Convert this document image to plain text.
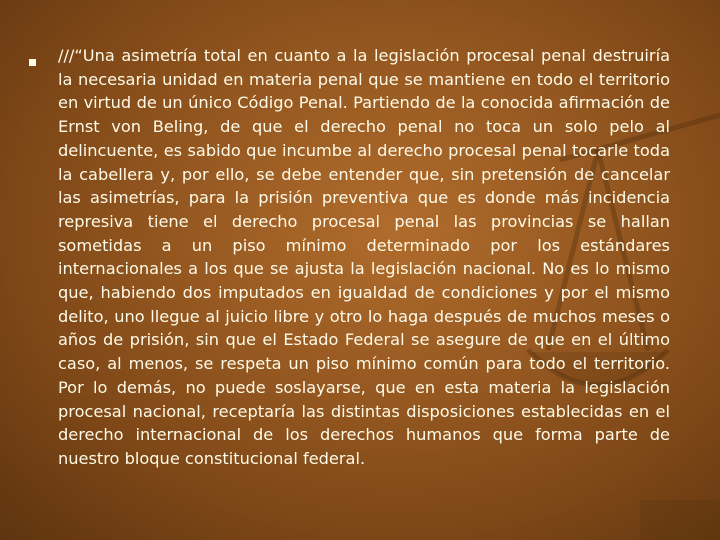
///“Una asimetría total en cuanto a la legislación procesal penal destruiría la necesaria unidad en materia penal que se mantiene en todo el territorio en virtud de un único Código Penal. Partiendo de la conocida afirmación de Ernst von Beling, de que el derecho penal no toca un solo pelo al delincuente, es sabido que incumbe al derecho procesal penal tocarle toda la cabellera y, por ello, se debe entender que, sin pretensión de cancelar las asimetrías, para la prisión preventiva que es donde más incidencia represiva tiene el derecho procesal penal las provincias se hallan sometidas a un piso mínimo determinado por los estándares internacionales a los que se ajusta la legislación nacional. No es lo mismo que, habiendo dos imputados en igualdad de condiciones y por el mismo delito, uno llegue al juicio libre y otro lo haga después de muchos meses o años de prisión, sin que el Estado Federal se asegure de que en el último caso, al menos, se respeta un piso mínimo común para todo el territorio. Por lo demás, no puede soslayarse, que en esta materia la legislación procesal nacional, receptaría las distintas disposiciones establecidas en el derecho internacional de los derechos humanos que forma parte de nuestro bloque constitucional federal.
